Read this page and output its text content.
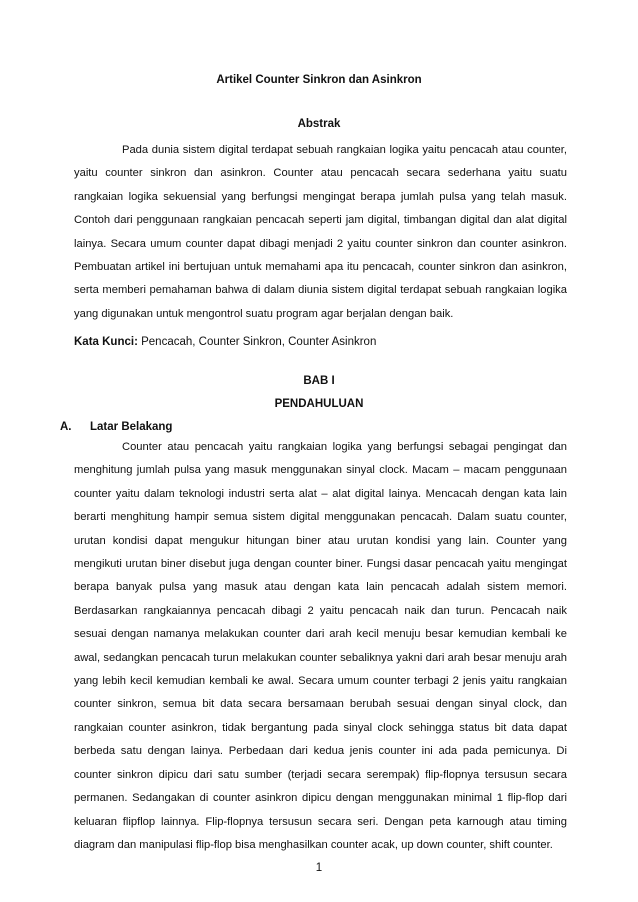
Artikel Counter Sinkron dan Asinkron
Abstrak
Pada dunia sistem digital terdapat sebuah rangkaian logika yaitu pencacah atau counter, yaitu counter sinkron dan asinkron. Counter atau pencacah secara sederhana yaitu suatu rangkaian logika sekuensial yang berfungsi mengingat berapa jumlah pulsa yang telah masuk. Contoh dari penggunaan rangkaian pencacah seperti jam digital, timbangan digital dan alat digital lainya. Secara umum counter dapat dibagi menjadi 2 yaitu counter sinkron dan counter asinkron. Pembuatan artikel ini bertujuan untuk memahami apa itu pencacah, counter sinkron dan asinkron, serta memberi pemahaman bahwa di dalam diunia sistem digital terdapat sebuah rangkaian logika yang digunakan untuk mengontrol suatu program agar berjalan dengan baik.
Kata Kunci: Pencacah, Counter Sinkron, Counter Asinkron
BAB I
PENDAHULUAN
A. Latar Belakang
Counter atau pencacah yaitu rangkaian logika yang berfungsi sebagai pengingat dan menghitung jumlah pulsa yang masuk menggunakan sinyal clock. Macam – macam penggunaan counter yaitu dalam teknologi industri serta alat – alat digital lainya. Mencacah dengan kata lain berarti menghitung hampir semua sistem digital menggunakan pencacah. Dalam suatu counter, urutan kondisi dapat mengukur hitungan biner atau urutan kondisi yang lain. Counter yang mengikuti urutan biner disebut juga dengan counter biner. Fungsi dasar pencacah yaitu mengingat berapa banyak pulsa yang masuk atau dengan kata lain pencacah adalah sistem memori. Berdasarkan rangkaiannya pencacah dibagi 2 yaitu pencacah naik dan turun. Pencacah naik sesuai dengan namanya melakukan counter dari arah kecil menuju besar kemudian kembali ke awal, sedangkan pencacah turun melakukan counter sebaliknya yakni dari arah besar menuju arah yang lebih kecil kemudian kembali ke awal. Secara umum counter terbagi 2 jenis yaitu rangkaian counter sinkron, semua bit data secara bersamaan berubah sesuai dengan sinyal clock, dan rangkaian counter asinkron, tidak bergantung pada sinyal clock sehingga status bit data dapat berbeda satu dengan lainya. Perbedaan dari kedua jenis counter ini ada pada pemicunya. Di counter sinkron dipicu dari satu sumber (terjadi secara serempak) flip-flopnya tersusun secara permanen. Sedangakan di counter asinkron dipicu dengan menggunakan minimal 1 flip-flop dari keluaran flipflop lainnya. Flip-flopnya tersusun secara seri. Dengan peta karnough atau timing diagram dan manipulasi flip-flop bisa menghasilkan counter acak, up down counter, shift counter.
1
